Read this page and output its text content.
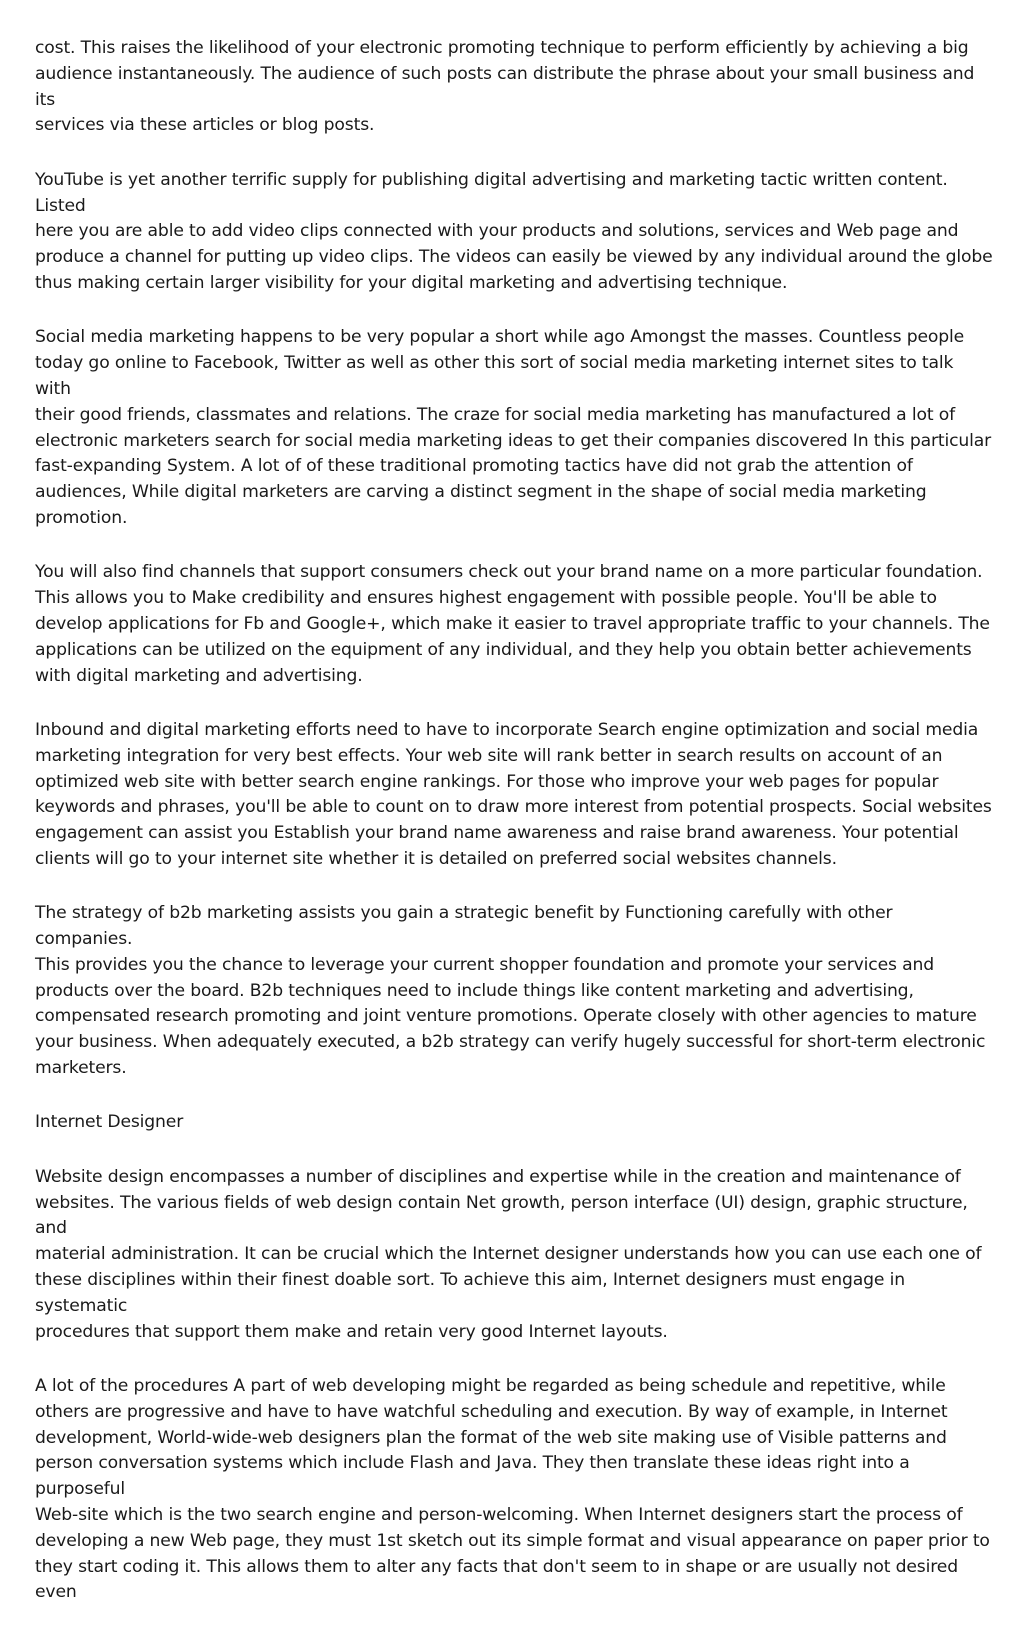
cost. This raises the likelihood of your electronic promoting technique to perform efficiently by achieving a big
audience instantaneously. The audience of such posts can distribute the phrase about your small business and its
services via these articles or blog posts.

YouTube is yet another terrific supply for publishing digital advertising and marketing tactic written content. Listed
here you are able to add video clips connected with your products and solutions, services and Web page and
produce a channel for putting up video clips. The videos can easily be viewed by any individual around the globe
thus making certain larger visibility for your digital marketing and advertising technique.

Social media marketing happens to be very popular a short while ago Amongst the masses. Countless people
today go online to Facebook, Twitter as well as other this sort of social media marketing internet sites to talk with
their good friends, classmates and relations. The craze for social media marketing has manufactured a lot of
electronic marketers search for social media marketing ideas to get their companies discovered In this particular
fast-expanding System. A lot of of these traditional promoting tactics have did not grab the attention of
audiences, While digital marketers are carving a distinct segment in the shape of social media marketing
promotion.

You will also find channels that support consumers check out your brand name on a more particular foundation.
This allows you to Make credibility and ensures highest engagement with possible people. You'll be able to
develop applications for Fb and Google+, which make it easier to travel appropriate traffic to your channels. The
applications can be utilized on the equipment of any individual, and they help you obtain better achievements
with digital marketing and advertising.

Inbound and digital marketing efforts need to have to incorporate Search engine optimization and social media
marketing integration for very best effects. Your web site will rank better in search results on account of an
optimized web site with better search engine rankings. For those who improve your web pages for popular
keywords and phrases, you'll be able to count on to draw more interest from potential prospects. Social websites
engagement can assist you Establish your brand name awareness and raise brand awareness. Your potential
clients will go to your internet site whether it is detailed on preferred social websites channels.

The strategy of b2b marketing assists you gain a strategic benefit by Functioning carefully with other companies.
This provides you the chance to leverage your current shopper foundation and promote your services and
products over the board. B2b techniques need to include things like content marketing and advertising,
compensated research promoting and joint venture promotions. Operate closely with other agencies to mature
your business. When adequately executed, a b2b strategy can verify hugely successful for short-term electronic
marketers.

Internet Designer

Website design encompasses a number of disciplines and expertise while in the creation and maintenance of
websites. The various fields of web design contain Net growth, person interface (UI) design, graphic structure, and
material administration. It can be crucial which the Internet designer understands how you can use each one of
these disciplines within their finest doable sort. To achieve this aim, Internet designers must engage in systematic
procedures that support them make and retain very good Internet layouts.

A lot of the procedures A part of web developing might be regarded as being schedule and repetitive, while
others are progressive and have to have watchful scheduling and execution. By way of example, in Internet
development, World-wide-web designers plan the format of the web site making use of Visible patterns and
person conversation systems which include Flash and Java. They then translate these ideas right into a purposeful
Web-site which is the two search engine and person-welcoming. When Internet designers start the process of
developing a new Web page, they must 1st sketch out its simple format and visual appearance on paper prior to
they start coding it. This allows them to alter any facts that don't seem to in shape or are usually not desired even
